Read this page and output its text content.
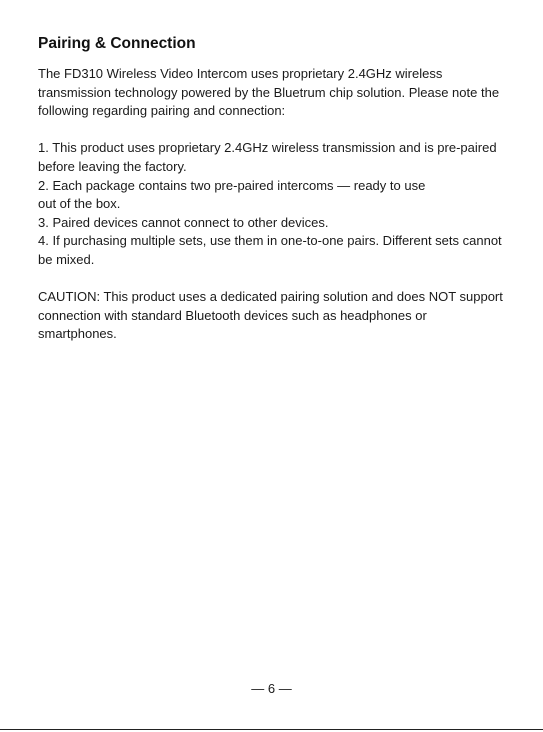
Pairing & Connection

The FD310 Wireless Video Intercom uses proprietary 2.4GHz wireless
transmission technology powered by the Bluetrum chip solution. Please note the
following regarding pairing and connection:

1. This product uses proprietary 2.4GHz wireless transmission and is pre-paired
before leaving the factory.

2. Each package contains two pre-paired intercoms — ready to use
out of the box.

3. Paired devices cannot connect to other devices.

4. If purchasing multiple sets, use them in one-to-one pairs. Different sets cannot
be mixed.

CAUTION: This product uses a dedicated pairing solution and does NOT support
connection with standard Bluetooth devices such as headphones or
smartphones.

— 6 —
